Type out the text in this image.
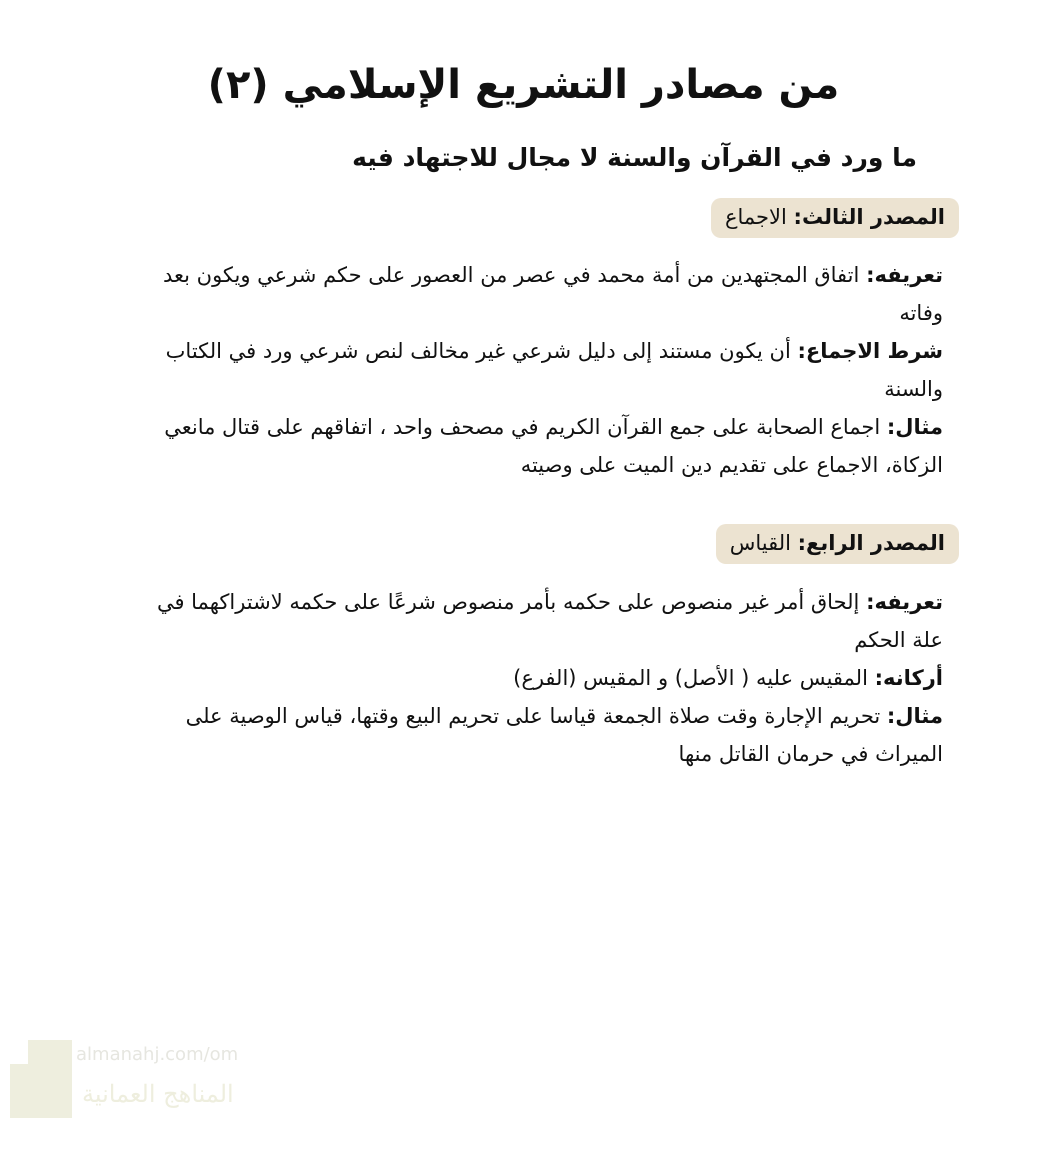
من مصادر التشريع الإسلامي (٢)
ما ورد في القرآن والسنة لا مجال للاجتهاد فيه
المصدر الثالث: الاجماع

تعريفه: اتفاق المجتهدين من أمة محمد في عصر من العصور على حكم شرعي ويكون بعد وفاته

شرط الاجماع: أن يكون مستند إلى دليل شرعي غير مخالف لنص شرعي ورد في الكتاب والسنة

مثال: اجماع الصحابة على جمع القرآن الكريم في مصحف واحد ، اتفاقهم على قتال مانعي الزكاة، الاجماع على تقديم دين الميت على وصيته

المصدر الرابع: القياس

تعريفه: إلحاق أمر غير منصوص على حكمه بأمر منصوص شرعًا على حكمه لاشتراكهما في علة الحكم

أركانه: المقيس عليه ( الأصل) و المقيس (الفرع)

مثال: تحريم الإجارة وقت صلاة الجمعة قياسا على تحريم البيع وقتها، قياس الوصية على الميراث في حرمان القاتل منها

almanahj.com/om
المناهج العمانية
